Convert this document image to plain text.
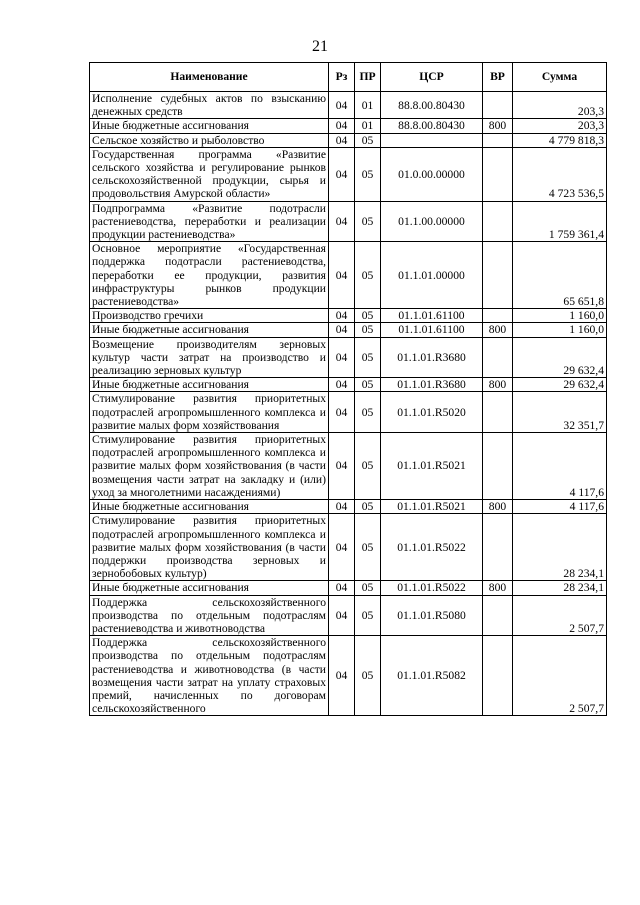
21
Наименование	Рз	ПР	ЦСР	ВР	Сумма
Исполнение судебных актов по взысканию денежных средств	04	01	88.8.00.80430		203,3
Иные бюджетные ассигнования	04	01	88.8.00.80430	800	203,3
Сельское хозяйство и рыболовство	04	05			4 779 818,3
Государственная программа «Развитие сельского хозяйства и регулирование рынков сельскохозяйственной продукции, сырья и продовольствия Амурской области»	04	05	01.0.00.00000		4 723 536,5
Подпрограмма «Развитие подотрасли растениеводства, переработки и реализации продукции растениеводства»	04	05	01.1.00.00000		1 759 361,4
Основное мероприятие «Государственная поддержка подотрасли растениеводства, переработки ее продукции, развития инфраструктуры рынков продукции растениеводства»	04	05	01.1.01.00000		65 651,8
Производство гречихи	04	05	01.1.01.61100		1 160,0
Иные бюджетные ассигнования	04	05	01.1.01.61100	800	1 160,0
Возмещение производителям зерновых культур части затрат на производство и реализацию зерновых культур	04	05	01.1.01.R3680		29 632,4
Иные бюджетные ассигнования	04	05	01.1.01.R3680	800	29 632,4
Стимулирование развития приоритетных подотраслей агропромышленного комплекса и развитие малых форм хозяйствования	04	05	01.1.01.R5020		32 351,7
Стимулирование развития приоритетных подотраслей агропромышленного комплекса и развитие малых форм хозяйствования (в части возмещения части затрат на закладку и (или) уход за многолетними насаждениями)	04	05	01.1.01.R5021		4 117,6
Иные бюджетные ассигнования	04	05	01.1.01.R5021	800	4 117,6
Стимулирование развития приоритетных подотраслей агропромышленного комплекса и развитие малых форм хозяйствования (в части поддержки производства зерновых и зернобобовых культур)	04	05	01.1.01.R5022		28 234,1
Иные бюджетные ассигнования	04	05	01.1.01.R5022	800	28 234,1
Поддержка сельскохозяйственного производства по отдельным подотраслям растениеводства и животноводства	04	05	01.1.01.R5080		2 507,7
Поддержка сельскохозяйственного производства по отдельным подотраслям растениеводства и животноводства (в части возмещения части затрат на уплату страховых премий, начисленных по договорам сельскохозяйственного	04	05	01.1.01.R5082		2 507,7
